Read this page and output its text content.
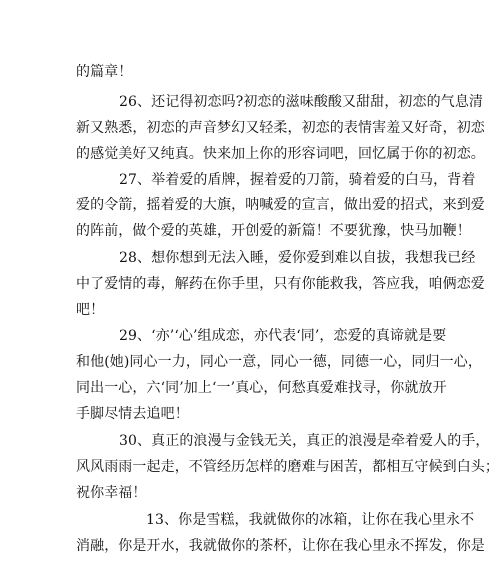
的篇章！
26、还记得初恋吗?初恋的滋味酸酸又甜甜，初恋的气息清
新又熟悉，初恋的声音梦幻又轻柔，初恋的表情害羞又好奇，初恋
的感觉美好又纯真。快来加上你的形容词吧，回忆属于你的初恋。
27、举着爱的盾牌，握着爱的刀箭，骑着爱的白马，背着
爱的令箭，摇着爱的大旗，呐喊爱的宣言，做出爱的招式，来到爱
的阵前，做个爱的英雄，开创爱的新篇！不要犹豫，快马加鞭！
28、想你想到无法入睡，爱你爱到难以自拔，我想我已经
中了爱情的毒，解药在你手里，只有你能救我，答应我，咱俩恋爱
吧！
29、‘亦’‘心’组成恋，亦代表‘同’，恋爱的真谛就是要
和他(她)同心一力，同心一意，同心一德，同德一心，同归一心，
同出一心，六‘同’加上‘一’真心，何愁真爱难找寻，你就放开
手脚尽情去追吧！
30、真正的浪漫与金钱无关，真正的浪漫是牵着爱人的手，
风风雨雨一起走，不管经历怎样的磨难与困苦，都相互守候到白头；
祝你幸福！
13、你是雪糕，我就做你的冰箱，让你在我心里永不
消融，你是开水，我就做你的茶杯，让你在我心里永不挥发，你是
